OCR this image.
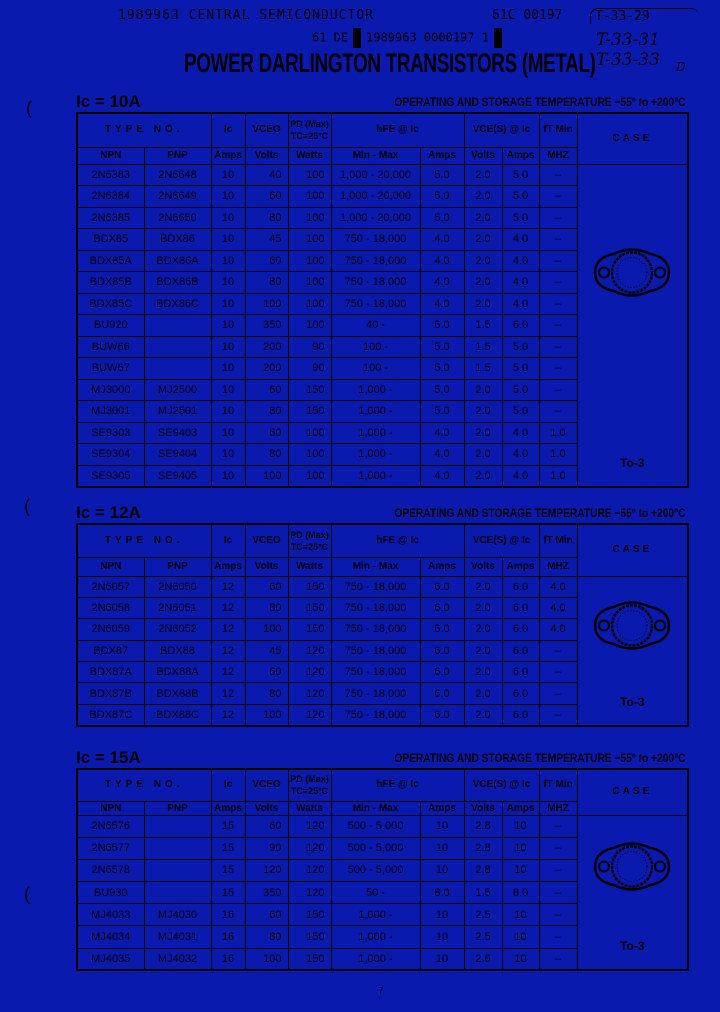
1989963 CENTRAL SEMICONDUCTOR	61C 00197
61 DE 1989963 0000197 1
T-33-29
T-33-31
T-33-33 D
POWER DARLINGTON TRANSISTORS (METAL)
(
(
(
Ic = 10A	OPERATING AND STORAGE TEMPERATURE −55° to +200°C
TYPE NO.		Ic	VCEO	PD (Max) TC=25°C	hFE @ Ic		VCE(S) @ Ic		fT Min	CASE
NPN	PNP	Amps	Volts	Watts	Min - Max	Amps	Volts	Amps	MHZ	
2N6383	2N6648	10	40	100	1,000 - 20,000	5.0	2.0	5.0	–	To-3

2N6384	2N6649	10	60	100	1,000 - 20,000	5.0	2.0	5.0	–	
2N6385	2N6650	10	80	100	1,000 - 20,000	5.0	2.0	5.0	–	
BDX85	BDX86	10	45	100	750 - 18,000	4.0	2.0	4.0	–	
BDX85A	BDX86A	10	60	100	750 - 18,000	4.0	2.0	4.0	–	
BDX85B	BDX86B	10	80	100	750 - 18,000	4.0	2.0	4.0	–	
BDX85C	BDX86C	10	100	100	750 - 18,000	4.0	2.0	4.0	–	
BU920		10	350	100	40 -	6.0	1.5	6.0	–	
BUW66		10	200	90	100 -	5.0	1.5	5.0	–	
BUW67		10	200	90	100 -	5.0	1.5	5.0	–	
MJ3000	MJ2500	10	60	150	1,000 -	5.0	2.0	5.0	–	
MJ3001	MJ2501	10	80	150	1,000 -	5.0	2.0	5.0	–	
SE9303	SE9403	10	60	100	1,000 -	4.0	2.0	4.0	1.0	
SE9304	SE9404	10	80	100	1,000 -	4.0	2.0	4.0	1.0	
SE9305	SE9405	10	100	100	1,000 -	4.0	2.0	4.0	1.0	
Ic = 12A	OPERATING AND STORAGE TEMPERATURE −55° to +200°C
TYPE NO.		Ic	VCEO	PD (Max) TC=25°C	hFE @ Ic		VCE(S) @ Ic		fT Min	CASE
NPN	PNP	Amps	Volts	Watts	Min - Max	Amps	Volts	Amps	MHZ	
2N6057	2N6050	12	60	150	750 - 18,000	6.0	2.0	6.0	4.0	To-3

2N6058	2N6051	12	80	150	750 - 18,000	6.0	2.0	6.0	4.0	
2N6059	2N6052	12	100	150	750 - 18,000	6.0	2.0	6.0	4.0	
BDX87	BDX88	12	45	120	750 - 18,000	6.0	2.0	6.0	–	
BDX87A	BDX88A	12	60	120	750 - 18,000	6.0	2.0	6.0	–	
BDX87B	BDX88B	12	80	120	750 - 18,000	6.0	2.0	6.0	–	
BDX87C	BDX88C	12	100	120	750 - 18,000	6.0	2.0	6.0	–	
Ic = 15A	OPERATING AND STORAGE TEMPERATURE −55° to +200°C
TYPE NO.		Ic	VCEO	PD (Max) TC=25°C	hFE @ Ic		VCE(S) @ Ic		fT Min	CASE
NPN	PNP	Amps	Volts	Watts	Min - Max	Amps	Volts	Amps	MHZ	
2N6576		15	60	120	500 - 5,000	10	2.8	10	–	To-3

2N6577		15	90	120	500 - 5,000	10	2.8	10	–	
2N6578		15	120	120	500 - 5,000	10	2.8	10	–	
BU930		15	350	120	50 -	8.0	1.5	8.0	–	
MJ4033	MJ4030	16	60	150	1,000 -	10	2.5	10	–	
MJ4034	MJ4031	16	80	150	1,000 -	10	2.5	10	–	
MJ4035	MJ4032	16	100	150	1,000 -	10	2.6	10	–	
7
